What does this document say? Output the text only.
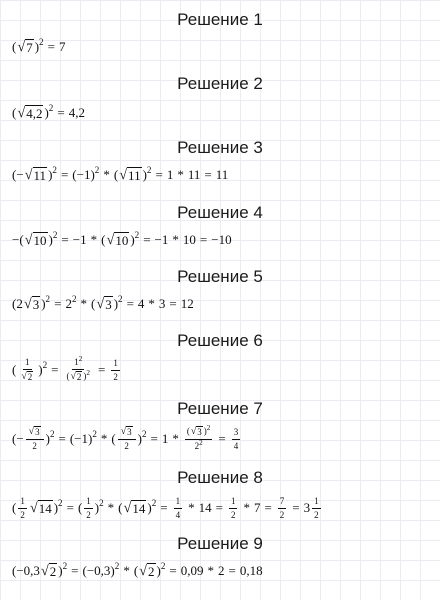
Решение 1
( √ 7 )$^2$ = 7
Решение 2
( √ 4,2 )$^2$ = 4,2
Решение 3
(− √ 11 )$^2 = (-1)^2$ * ( √ 11 )$^2$ = 1 * 11 = 11
Решение 4
−( √ 10 )$^2$ = −1 * ( √ 10 )$^2$ = −1 * 10 = −10
Решение 5
(2 √ 3 )$^2 = 2^2$ * ( √ 3 )$^2$ = 4 * 3 = 12
Решение 6
( $\frac{1}{√ 2} )^2 = \frac{1^2}{( √ 2 )^2} = \frac{1}{2}$
Решение 7
(− $\frac{√ 3}{2} )^2 = (-1)^2$ * ( $\frac{√ 3}{2} )^2 = 1 * \frac{( √ 3 )^2}{2^2} = \frac{3}{4}$
Решение 8
( $\frac{1}{2}$ √ 14 )$^2$ = ( $\frac{1}{2} )^2$ * ( √ 14 )$^2 = \frac{1}{4} * 14 = \frac{1}{2} * 7 = \frac{7}{2} = 3 \frac{1}{2}$
Решение 9
(−0,3 √ 2 )$^2 = (-0,3)^2$ * ( √ 2 )$^2$ = 0,09 * 2 = 0,18
